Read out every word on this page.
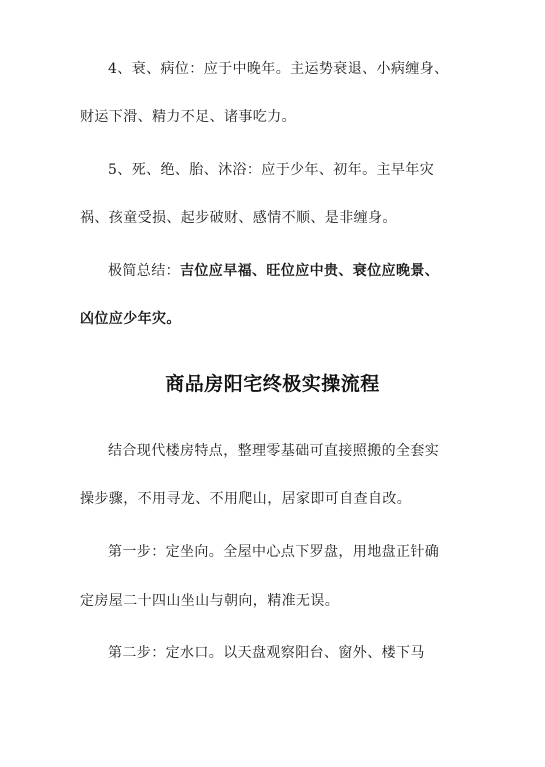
4、衰、病位：应于中晚年。主运势衰退、小病缠身、
财运下滑、精力不足、诸事吃力。
5、死、绝、胎、沐浴：应于少年、初年。主早年灾
祸、孩童受损、起步破财、感情不顺、是非缠身。
极简总结：吉位应早福、旺位应中贵、衰位应晚景、
凶位应少年灾。
商品房阳宅终极实操流程
结合现代楼房特点，整理零基础可直接照搬的全套实
操步骤，不用寻龙、不用爬山，居家即可自查自改。
第一步：定坐向。全屋中心点下罗盘，用地盘正针确
定房屋二十四山坐山与朝向，精准无误。
第二步：定水口。以天盘观察阳台、窗外、楼下马
